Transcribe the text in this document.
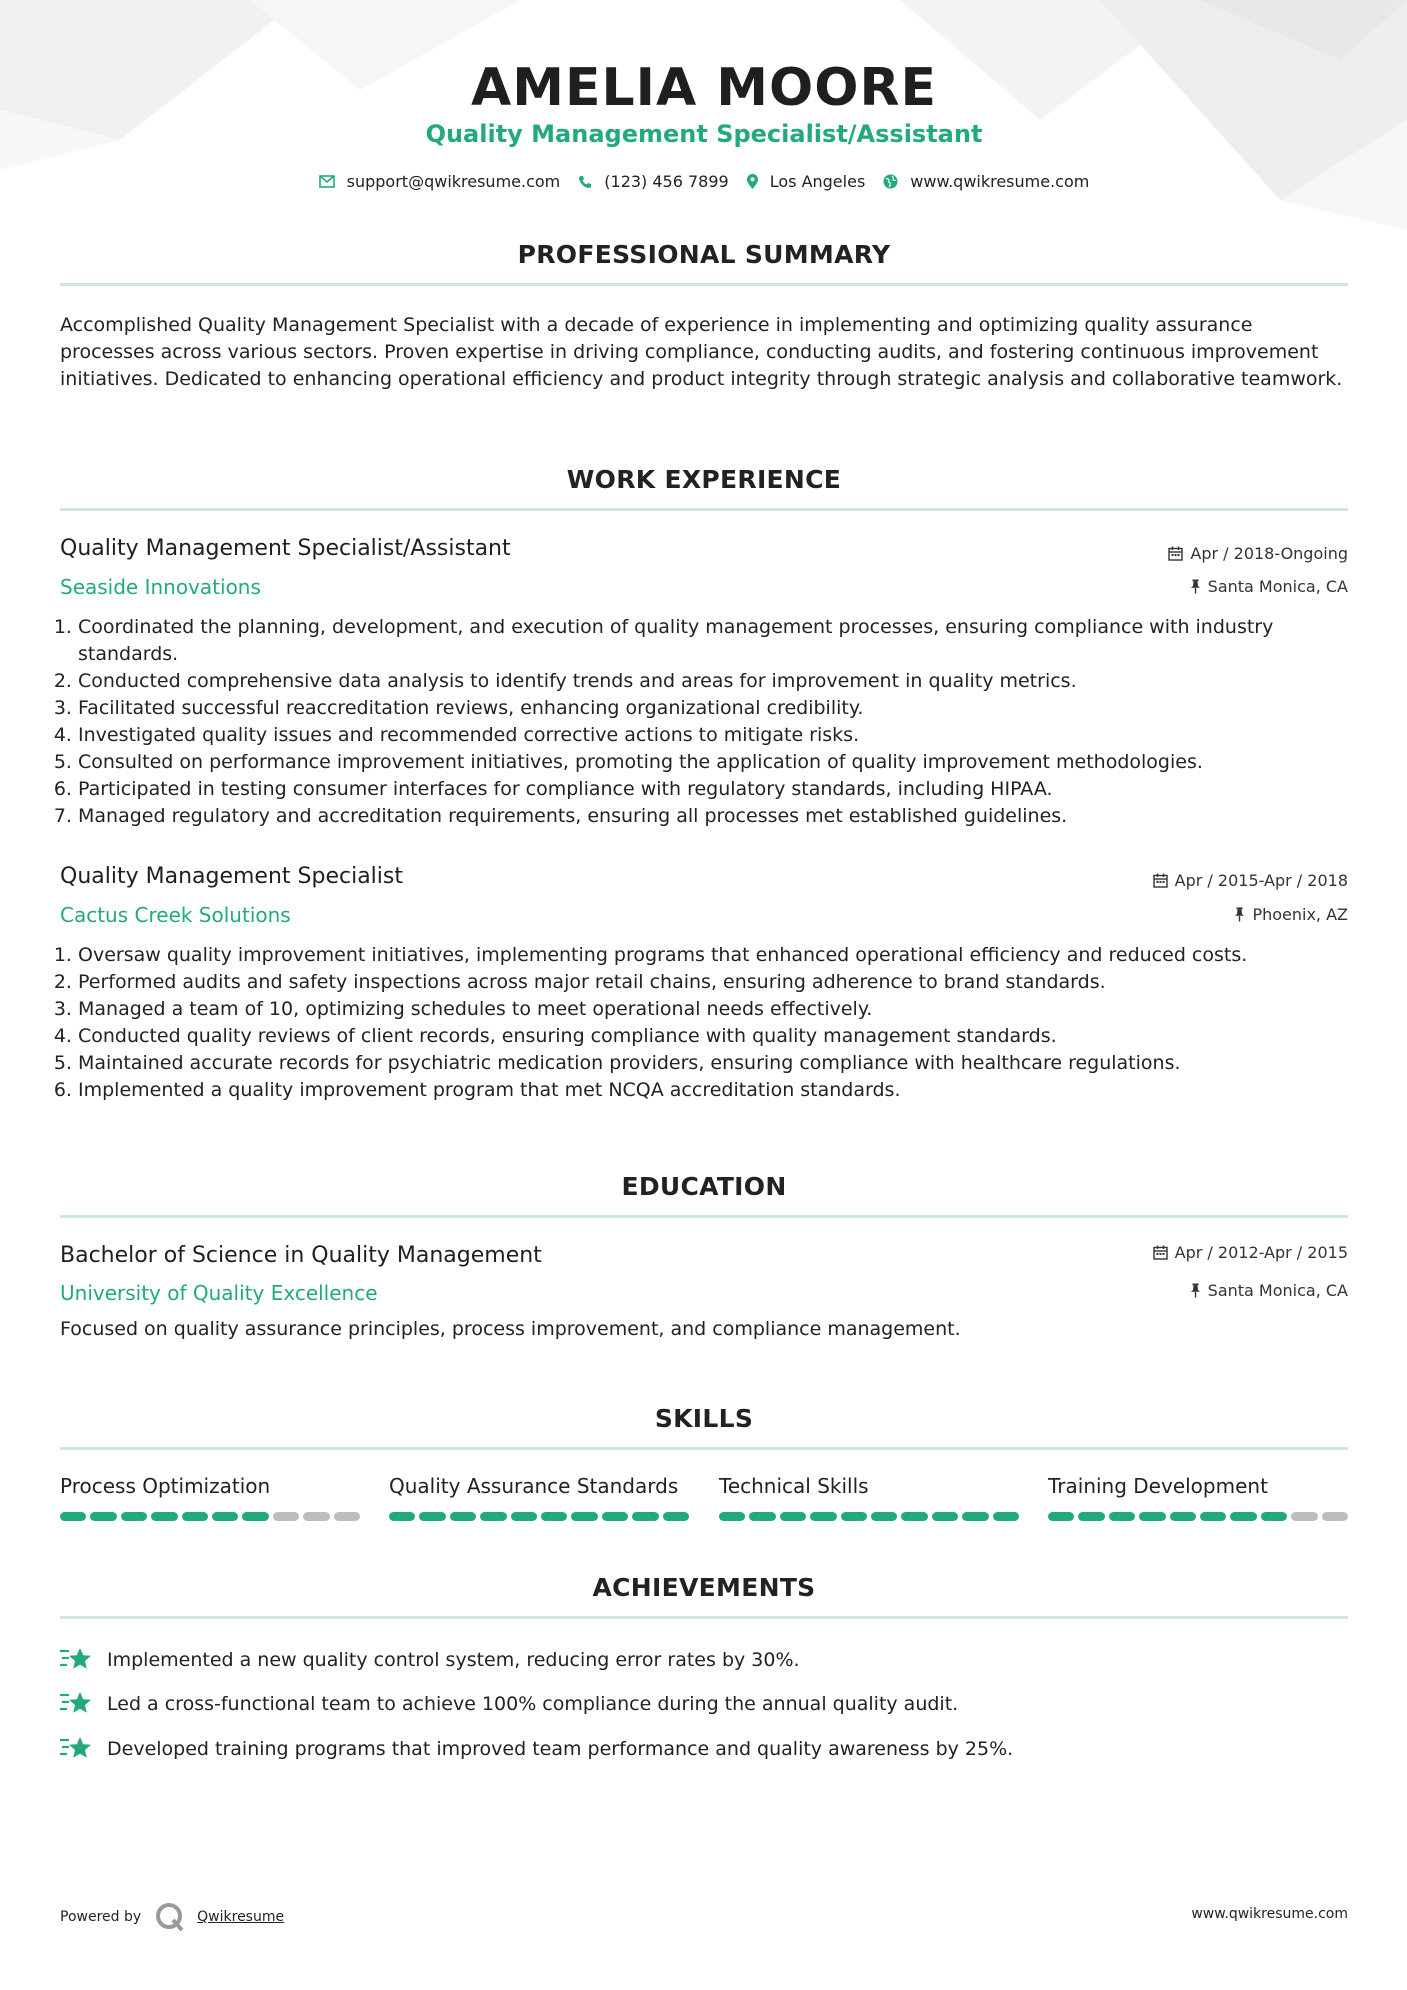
AMELIA MOORE
Quality Management Specialist/Assistant
support@qwikresume.com	(123) 456 7899	Los Angeles	www.qwikresume.com
PROFESSIONAL SUMMARY
Accomplished Quality Management Specialist with a decade of experience in implementing and optimizing quality assurance processes across various sectors. Proven expertise in driving compliance, conducting audits, and fostering continuous improvement initiatives. Dedicated to enhancing operational efficiency and product integrity through strategic analysis and collaborative teamwork.
WORK EXPERIENCE
Quality Management Specialist/Assistant	Apr / 2018-Ongoing
Seaside Innovations	Santa Monica, CA
1. Coordinated the planning, development, and execution of quality management processes, ensuring compliance with industry standards.
2. Conducted comprehensive data analysis to identify trends and areas for improvement in quality metrics.
3. Facilitated successful reaccreditation reviews, enhancing organizational credibility.
4. Investigated quality issues and recommended corrective actions to mitigate risks.
5. Consulted on performance improvement initiatives, promoting the application of quality improvement methodologies.
6. Participated in testing consumer interfaces for compliance with regulatory standards, including HIPAA.
7. Managed regulatory and accreditation requirements, ensuring all processes met established guidelines.
Quality Management Specialist	Apr / 2015-Apr / 2018
Cactus Creek Solutions	Phoenix, AZ
1. Oversaw quality improvement initiatives, implementing programs that enhanced operational efficiency and reduced costs.
2. Performed audits and safety inspections across major retail chains, ensuring adherence to brand standards.
3. Managed a team of 10, optimizing schedules to meet operational needs effectively.
4. Conducted quality reviews of client records, ensuring compliance with quality management standards.
5. Maintained accurate records for psychiatric medication providers, ensuring compliance with healthcare regulations.
6. Implemented a quality improvement program that met NCQA accreditation standards.
EDUCATION
Bachelor of Science in Quality Management	Apr / 2012-Apr / 2015
University of Quality Excellence	Santa Monica, CA
Focused on quality assurance principles, process improvement, and compliance management.
SKILLS
Process Optimization	Quality Assurance Standards	Technical Skills	Training Development
ACHIEVEMENTS
Implemented a new quality control system, reducing error rates by 30%.
Led a cross-functional team to achieve 100% compliance during the annual quality audit.
Developed training programs that improved team performance and quality awareness by 25%.
Powered by	Qwikresume	www.qwikresume.com
